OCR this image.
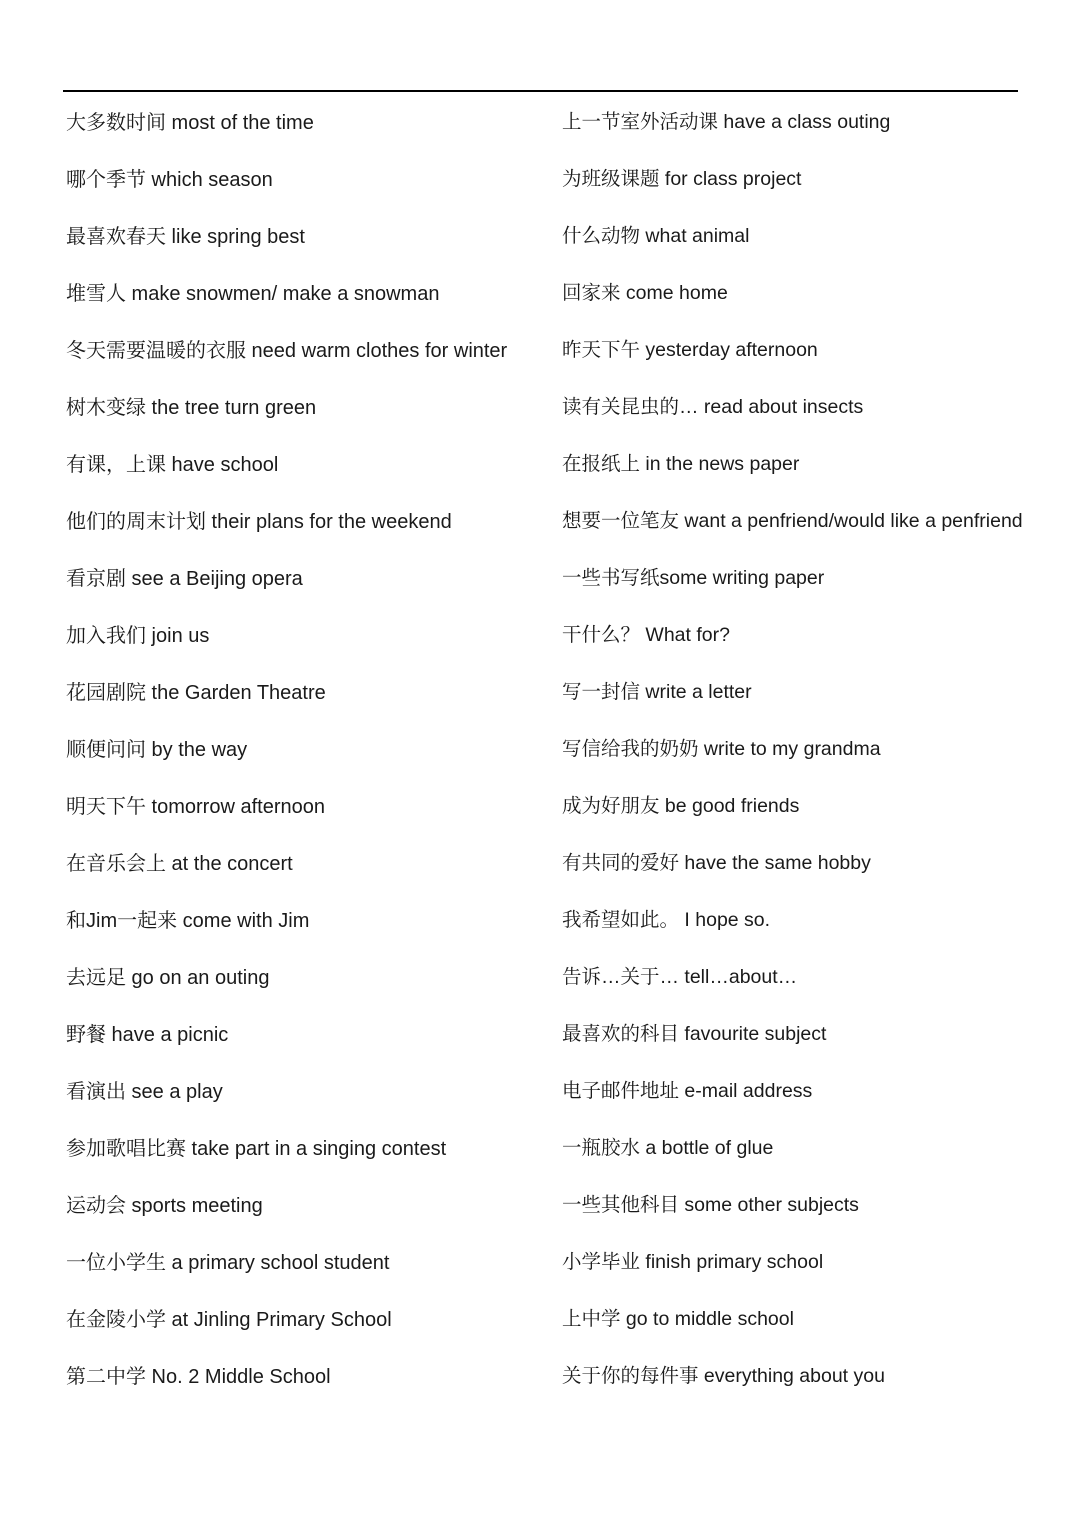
大多数时间 most of the time
哪个季节 which season
最喜欢春天 like spring best
堆雪人 make snowmen/ make a snowman
冬天需要温暖的衣服 need warm clothes for winter
树木变绿 the tree turn green
有课，上课 have school
他们的周末计划 their plans for the weekend
看京剧 see a Beijing opera
加入我们 join us
花园剧院 the Garden Theatre
顺便问问 by the way
明天下午 tomorrow afternoon
在音乐会上 at the concert
和Jim一起来 come with Jim
去远足 go on an outing
野餐 have a picnic
看演出 see a play
参加歌唱比赛 take part in a singing contest
运动会 sports meeting
一位小学生 a primary school student
在金陵小学 at Jinling Primary School
第二中学 No. 2 Middle School
上一节室外活动课 have a class outing
为班级课题 for class project
什么动物 what animal
回家来 come home
昨天下午 yesterday afternoon
读有关昆虫的… read about insects
在报纸上 in the news paper
想要一位笔友 want a penfriend/would like a penfriend
一些书写纸some writing paper
干什么？ What for?
写一封信 write a letter
写信给我的奶奶 write to my grandma
成为好朋友 be good friends
有共同的爱好 have the same hobby
我希望如此。 I hope so.
告诉…关于… tell…about…
最喜欢的科目 favourite subject
电子邮件地址 e-mail address
一瓶胶水 a bottle of glue
一些其他科目 some other subjects
小学毕业 finish primary school
上中学 go to middle school
关于你的每件事 everything about you
